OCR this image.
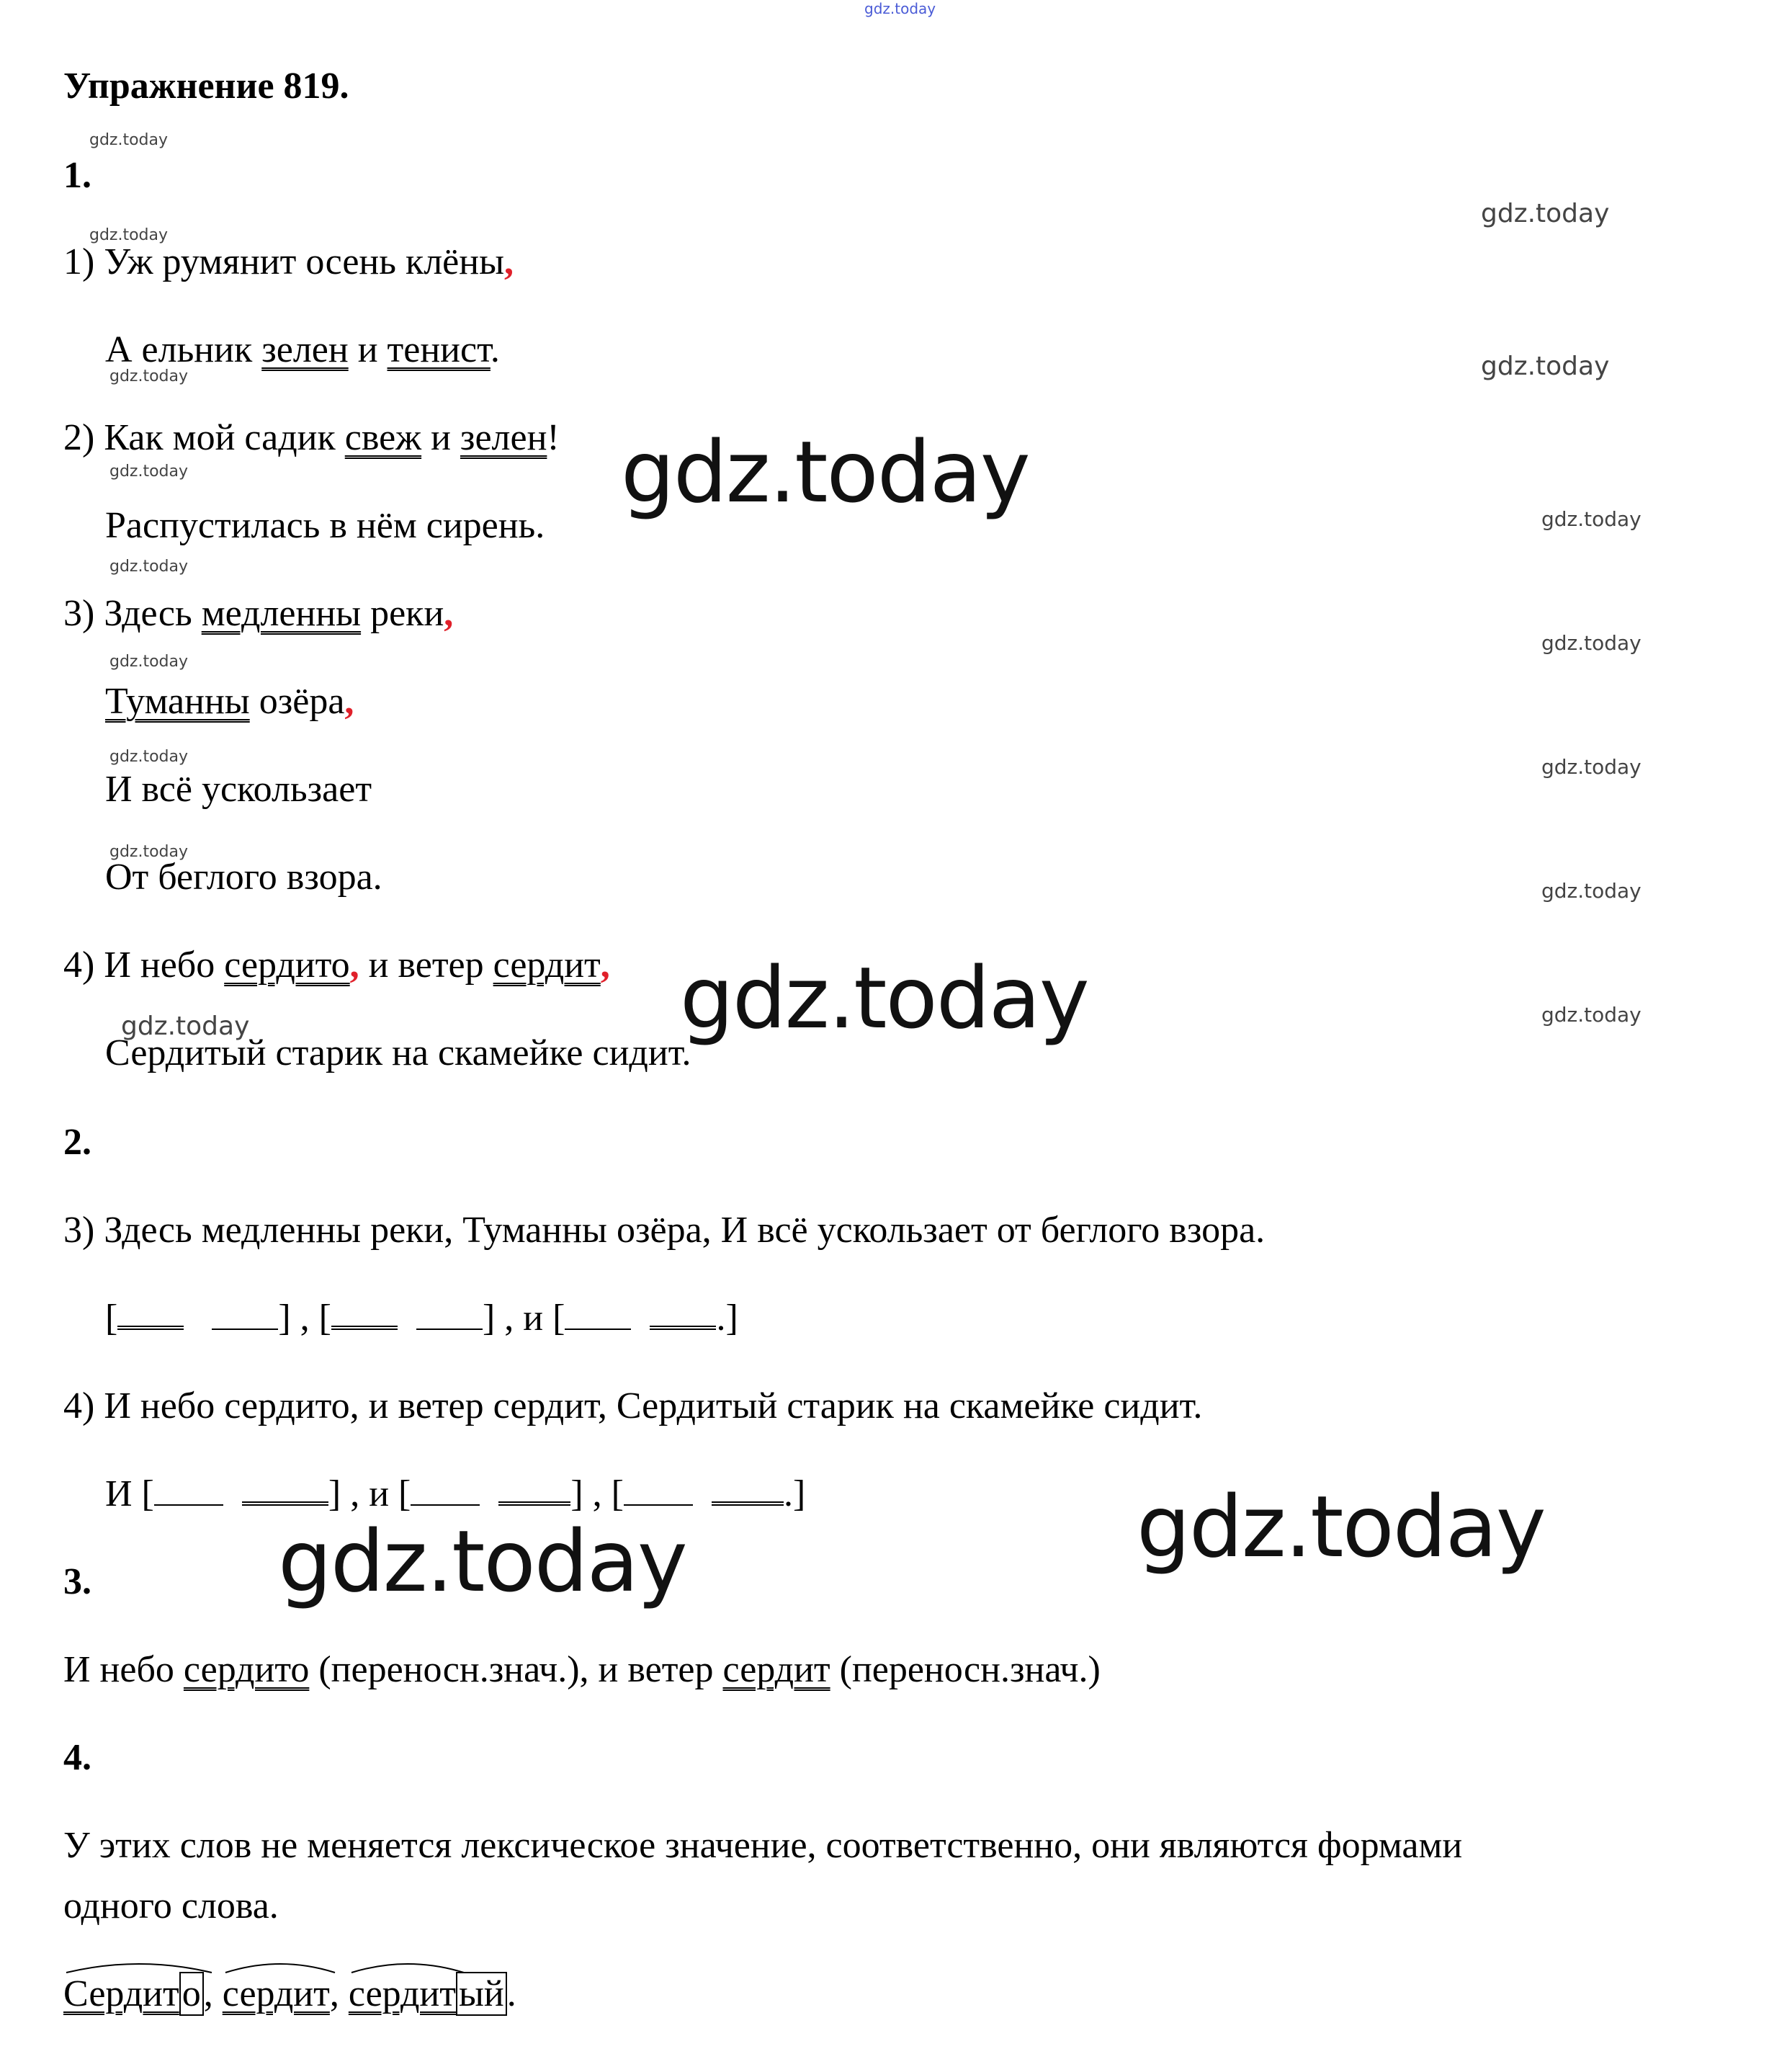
gdz.today
gdz.today
gdz.today
gdz.today
gdz.today
gdz.today
gdz.today
gdz.today
gdz.today
gdz.today
gdz.today
gdz.today
gdz.today
gdz.today
gdz.today
gdz.today
gdz.today
gdz.today
gdz.today
gdz.today	gdz.today
Упражнение 819.
1.
1) Уж румянит осень клёны,
А ельник зелен и тенист.
2) Как мой садик свеж и зелен!
Распустилась в нём сирень.
3) Здесь медленны реки,
Туманны озёра,
И всё ускользает
От беглого взора.
4) И небо сердито, и ветер сердит,
Сердитый старик на скамейке сидит.
2.
3) Здесь медленны реки, Туманны озёра, И всё ускользает от беглого взора.
[	] , [	] , и [	.]
4) И небо сердито, и ветер сердит, Сердитый старик на скамейке сидит.
И [	] , и [	] , [	.]
3.
И небо сердито (переносн.знач.), и ветер сердит (переносн.знач.)
4.
У этих слов не меняется лексическое значение, соответственно, они являются формами
одного слова.
Сердито,
сердит,
сердитый.
